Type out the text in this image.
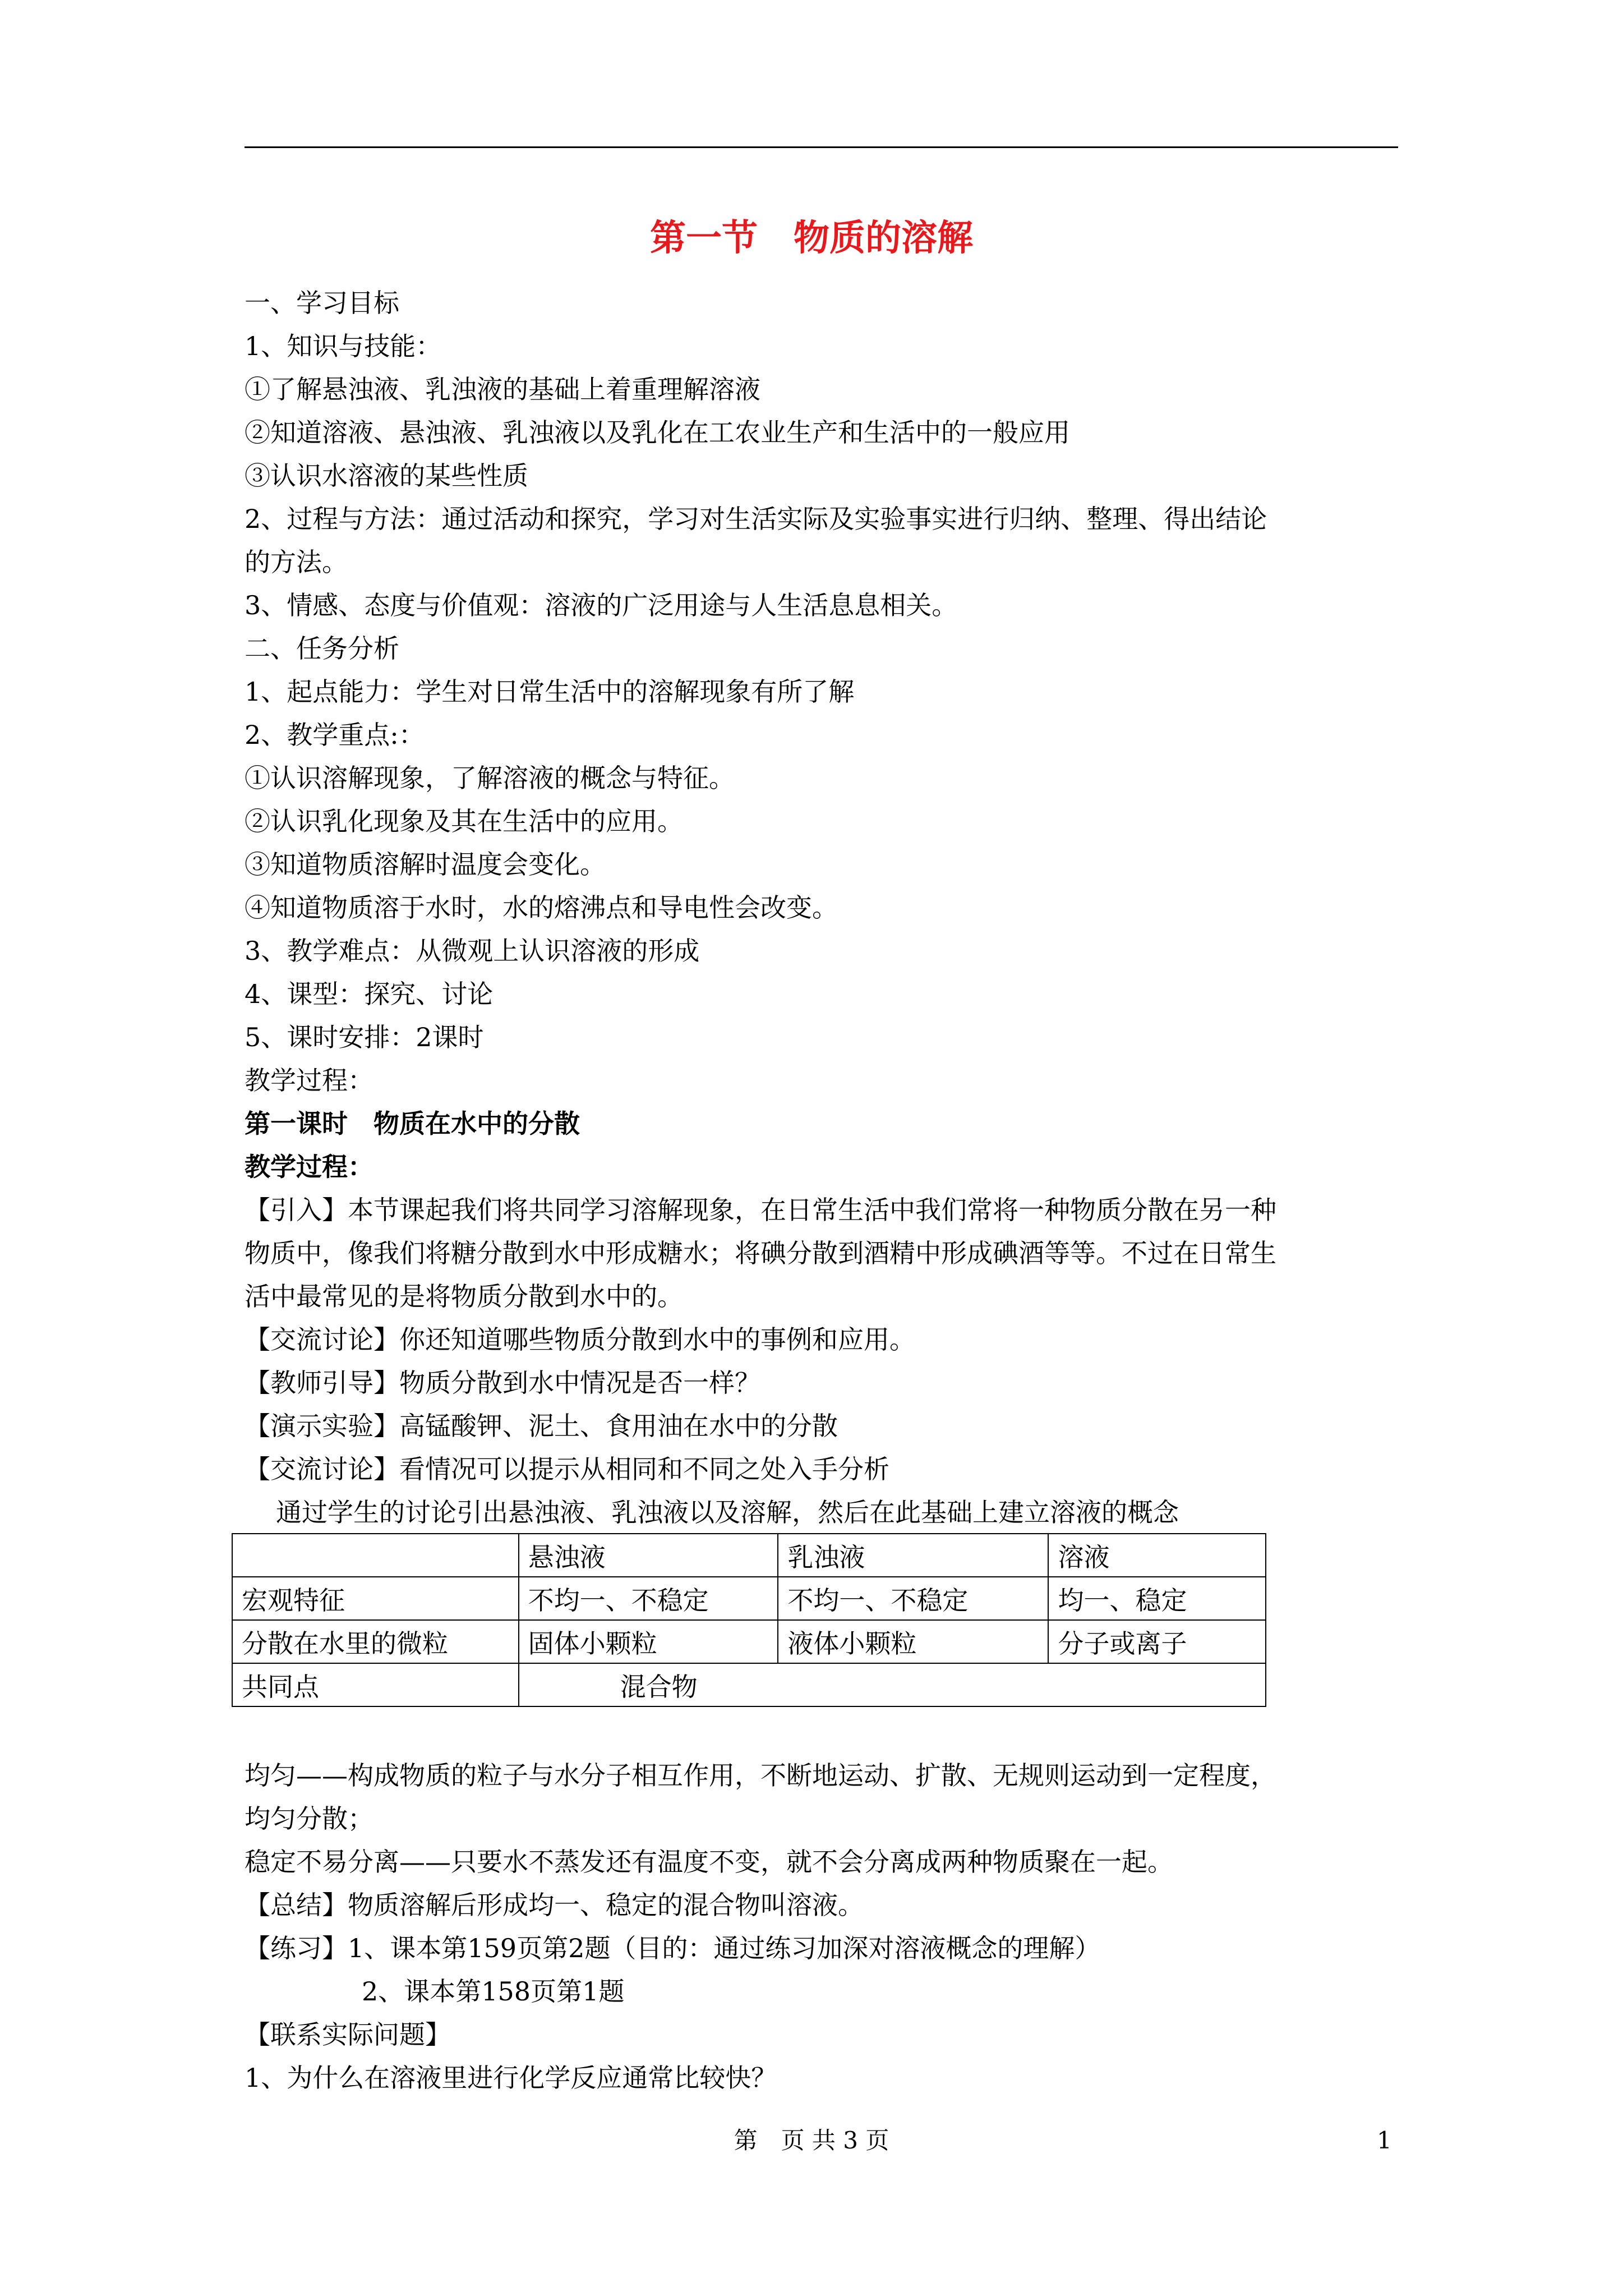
第一节　物质的溶解
一、学习目标
1、知识与技能：
①了解悬浊液、乳浊液的基础上着重理解溶液
②知道溶液、悬浊液、乳浊液以及乳化在工农业生产和生活中的一般应用
③认识水溶液的某些性质
2、过程与方法：通过活动和探究，学习对生活实际及实验事实进行归纳、整理、得出结论
的方法。
3、情感、态度与价值观：溶液的广泛用途与人生活息息相关。
二、任务分析
1、起点能力：学生对日常生活中的溶解现象有所了解
2、教学重点:：
①认识溶解现象，了解溶液的概念与特征。
②认识乳化现象及其在生活中的应用。
③知道物质溶解时温度会变化。
④知道物质溶于水时，水的熔沸点和导电性会改变。
3、教学难点：从微观上认识溶液的形成
4、课型：探究、讨论
5、课时安排：2课时
教学过程：
第一课时　物质在水中的分散
教学过程：
【引入】本节课起我们将共同学习溶解现象，在日常生活中我们常将一种物质分散在另一种
物质中，像我们将糖分散到水中形成糖水；将碘分散到酒精中形成碘酒等等。不过在日常生
活中最常见的是将物质分散到水中的。
【交流讨论】你还知道哪些物质分散到水中的事例和应用。
【教师引导】物质分散到水中情况是否一样？
【演示实验】高锰酸钾、泥土、食用油在水中的分散
【交流讨论】看情况可以提示从相同和不同之处入手分析
通过学生的讨论引出悬浊液、乳浊液以及溶解，然后在此基础上建立溶液的概念
	悬浊液	乳浊液	溶液
宏观特征	不均一、不稳定	不均一、不稳定	均一、稳定
分散在水里的微粒	固体小颗粒	液体小颗粒	分子或离子
共同点	混合物		
均匀——构成物质的粒子与水分子相互作用，不断地运动、扩散、无规则运动到一定程度，
均匀分散；
稳定不易分离——只要水不蒸发还有温度不变，就不会分离成两种物质聚在一起。
【总结】物质溶解后形成均一、稳定的混合物叫溶液。
【练习】1、课本第159页第2题（目的：通过练习加深对溶液概念的理解）
2、课本第158页第1题
【联系实际问题】
1、为什么在溶液里进行化学反应通常比较快？
第　页 共 3 页	1
